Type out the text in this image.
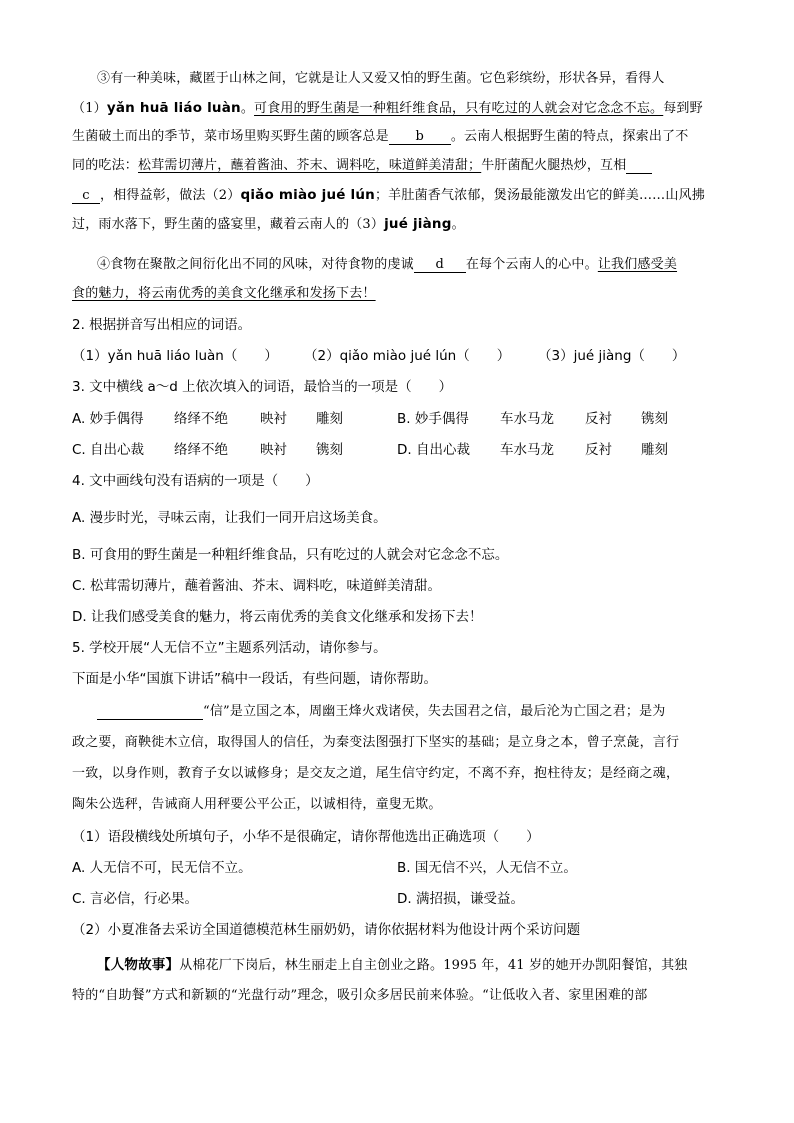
③有一种美味，藏匿于山林之间，它就是让人又爱又怕的野生菌。它色彩缤纷，形状各异，看得人
（1）yǎn huā liáo luàn。可食用的野生菌是一种粗纤维食品，只有吃过的人就会对它念念不忘。每到野
生菌破土而出的季节，菜市场里购买野生菌的顾客总是 b 。云南人根据野生菌的特点，探索出了不
同的吃法：松茸需切薄片，蘸着酱油、芥末、调料吃，味道鲜美清甜；牛肝菌配火腿热炒，互相
c ，相得益彰，做法（2）qiǎo miào jué lún；羊肚菌香气浓郁，煲汤最能激发出它的鲜美……山风拂
过，雨水落下，野生菌的盛宴里，藏着云南人的（3）jué jiàng。
④食物在聚散之间衍化出不同的风味，对待食物的虔诚 d 在每个云南人的心中。让我们感受美
食的魅力，将云南优秀的美食文化继承和发扬下去！
2. 根据拼音写出相应的词语。
（1）yǎn huā liáo luàn（　　） （2）qiǎo miào jué lún（　　） （3）jué jiàng（　　）
3. 文中横线 a～d 上依次填入的词语，最恰当的一项是（　　）
A. 妙手偶得 络绎不绝 映衬 雕刻	B. 妙手偶得 车水马龙 反衬 镌刻
C. 自出心裁 络绎不绝 映衬 镌刻	D. 自出心裁 车水马龙 反衬 雕刻
4. 文中画线句没有语病的一项是（　　）
A. 漫步时光，寻味云南，让我们一同开启这场美食。
B. 可食用的野生菌是一种粗纤维食品，只有吃过的人就会对它念念不忘。
C. 松茸需切薄片，蘸着酱油、芥末、调料吃，味道鲜美清甜。
D. 让我们感受美食的魅力，将云南优秀的美食文化继承和发扬下去！
5. 学校开展“人无信不立”主题系列活动，请你参与。
下面是小华“国旗下讲话”稿中一段话，有些问题，请你帮助。
“信”是立国之本，周幽王烽火戏诸侯，失去国君之信，最后沦为亡国之君；是为
政之要，商鞅徙木立信，取得国人的信任，为秦变法图强打下坚实的基础；是立身之本，曾子烹彘，言行
一致，以身作则，教育子女以诚修身；是交友之道，尾生信守约定，不离不弃，抱柱待友；是经商之魂，
陶朱公选秤，告诫商人用秤要公平公正，以诚相待，童叟无欺。
（1）语段横线处所填句子，小华不是很确定，请你帮他选出正确选项（　　）
A. 人无信不可，民无信不立。	B. 国无信不兴，人无信不立。
C. 言必信，行必果。	D. 满招损，谦受益。
（2）小夏准备去采访全国道德模范林生丽奶奶，请你依据材料为他设计两个采访问题
【人物故事】从棉花厂下岗后，林生丽走上自主创业之路。1995 年，41 岁的她开办凯阳餐馆，其独
特的“自助餐”方式和新颖的“光盘行动”理念，吸引众多居民前来体验。“让低收入者、家里困难的部
